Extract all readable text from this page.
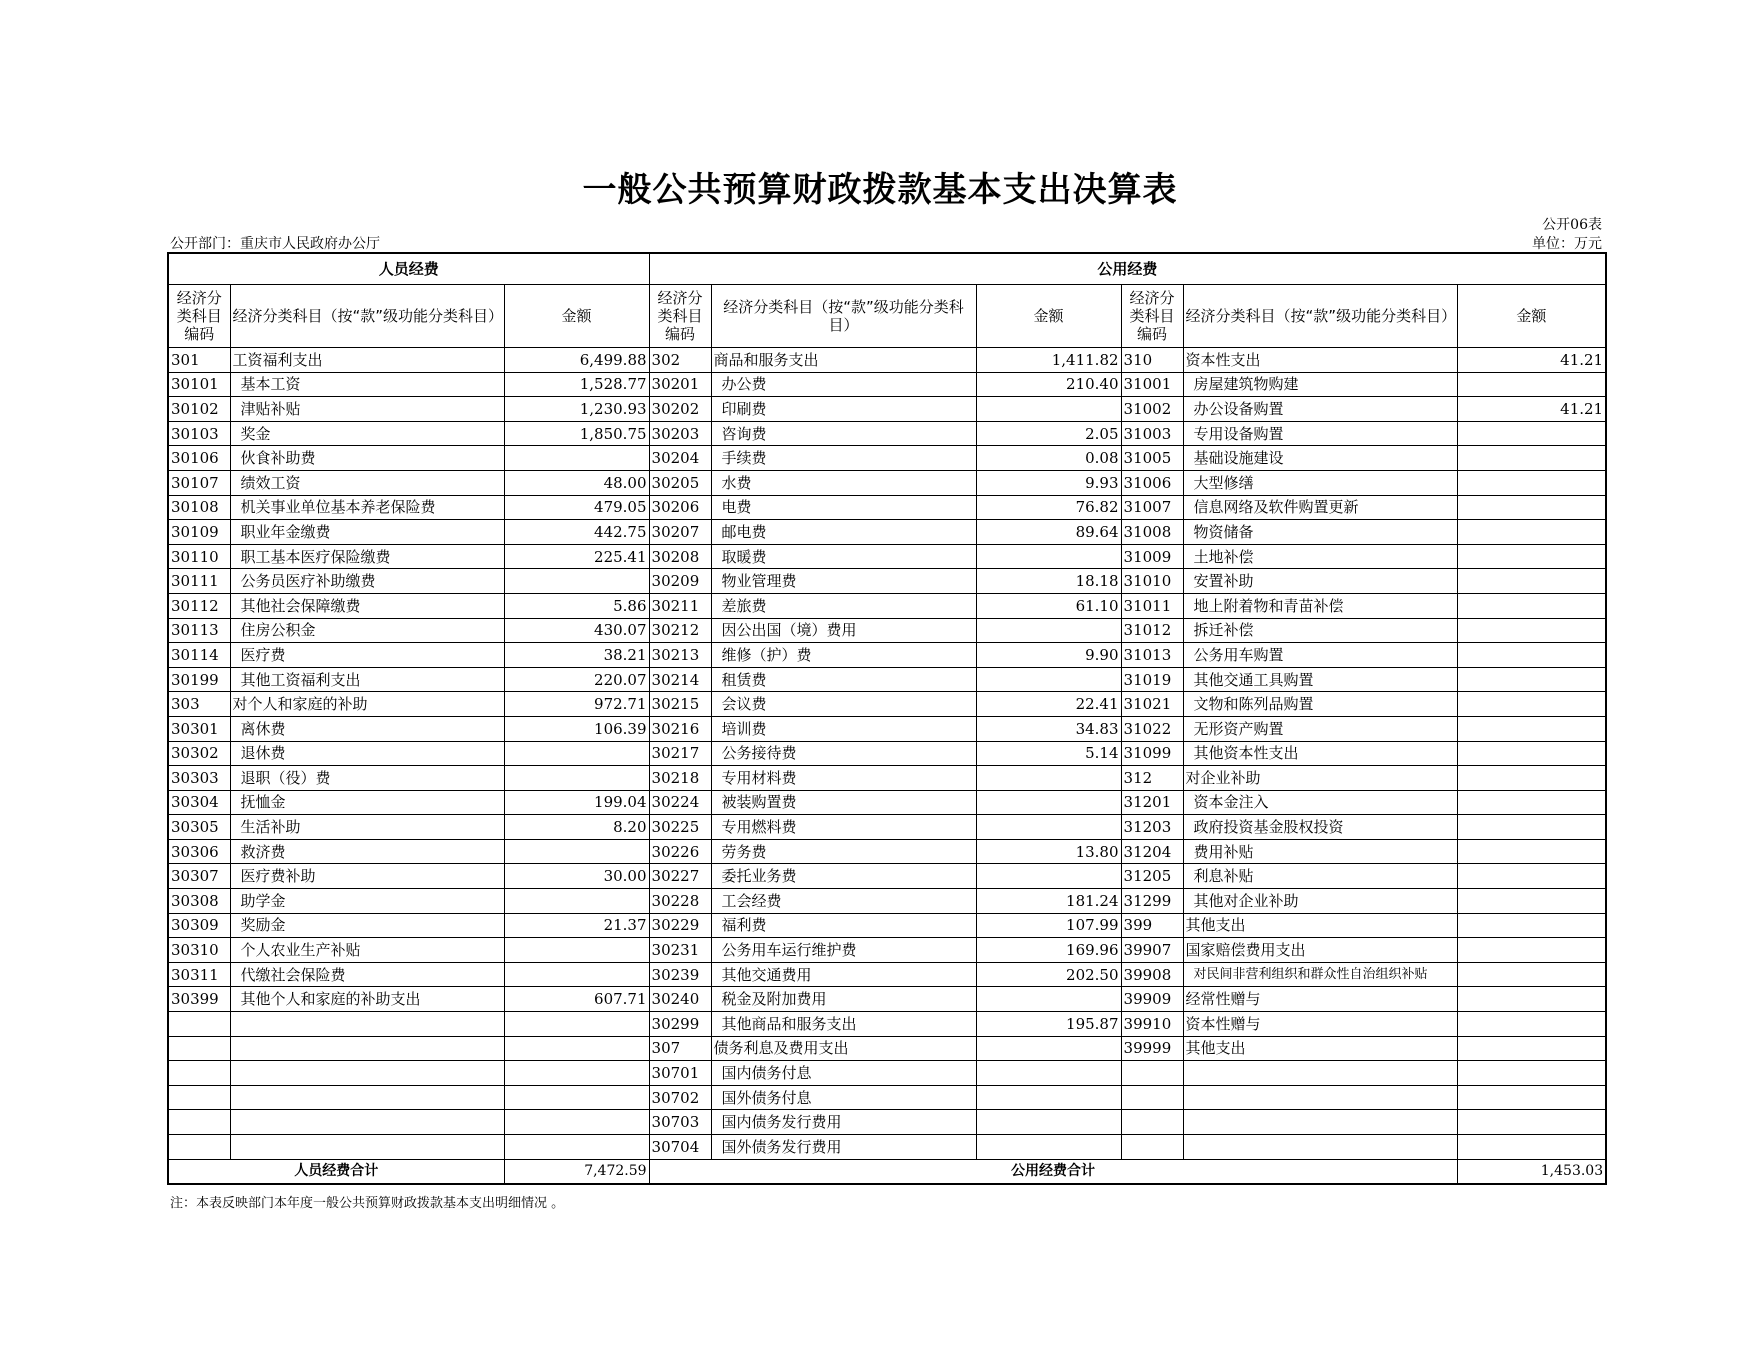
一般公共预算财政拨款基本支出决算表
公开06表
公开部门：重庆市人民政府办公厅	单位：万元
人员经费			公用经费					
经济分类科目编码	经济分类科目（按“款”级功能分类科目）	金额	经济分类科目编码	经济分类科目（按“款”级功能分类科目）	金额	经济分类科目编码	经济分类科目（按“款”级功能分类科目）	金额
301	工资福利支出	6,499.88	302	商品和服务支出	1,411.82	310	资本性支出	41.21
30101	基本工资	1,528.77	30201	办公费	210.40	31001	房屋建筑物购建	
30102	津贴补贴	1,230.93	30202	印刷费		31002	办公设备购置	41.21
30103	奖金	1,850.75	30203	咨询费	2.05	31003	专用设备购置	
30106	伙食补助费		30204	手续费	0.08	31005	基础设施建设	
30107	绩效工资	48.00	30205	水费	9.93	31006	大型修缮	
30108	机关事业单位基本养老保险费	479.05	30206	电费	76.82	31007	信息网络及软件购置更新	
30109	职业年金缴费	442.75	30207	邮电费	89.64	31008	物资储备	
30110	职工基本医疗保险缴费	225.41	30208	取暖费		31009	土地补偿	
30111	公务员医疗补助缴费		30209	物业管理费	18.18	31010	安置补助	
30112	其他社会保障缴费	5.86	30211	差旅费	61.10	31011	地上附着物和青苗补偿	
30113	住房公积金	430.07	30212	因公出国（境）费用		31012	拆迁补偿	
30114	医疗费	38.21	30213	维修（护）费	9.90	31013	公务用车购置	
30199	其他工资福利支出	220.07	30214	租赁费		31019	其他交通工具购置	
303	对个人和家庭的补助	972.71	30215	会议费	22.41	31021	文物和陈列品购置	
30301	离休费	106.39	30216	培训费	34.83	31022	无形资产购置	
30302	退休费		30217	公务接待费	5.14	31099	其他资本性支出	
30303	退职（役）费		30218	专用材料费		312	对企业补助	
30304	抚恤金	199.04	30224	被装购置费		31201	资本金注入	
30305	生活补助	8.20	30225	专用燃料费		31203	政府投资基金股权投资	
30306	救济费		30226	劳务费	13.80	31204	费用补贴	
30307	医疗费补助	30.00	30227	委托业务费		31205	利息补贴	
30308	助学金		30228	工会经费	181.24	31299	其他对企业补助	
30309	奖励金	21.37	30229	福利费	107.99	399	其他支出	
30310	个人农业生产补贴		30231	公务用车运行维护费	169.96	39907	国家赔偿费用支出	
30311	代缴社会保险费		30239	其他交通费用	202.50	39908	对民间非营利组织和群众性自治组织补贴	
30399	其他个人和家庭的补助支出	607.71	30240	税金及附加费用		39909	经常性赠与	
			30299	其他商品和服务支出	195.87	39910	资本性赠与	
			307	债务利息及费用支出		39999	其他支出	
			30701	国内债务付息				
			30702	国外债务付息				
			30703	国内债务发行费用				
			30704	国外债务发行费用				
人员经费合计		7,472.59	公用经费合计					1,453.03
注：本表反映部门本年度一般公共预算财政拨款基本支出明细情况 。
